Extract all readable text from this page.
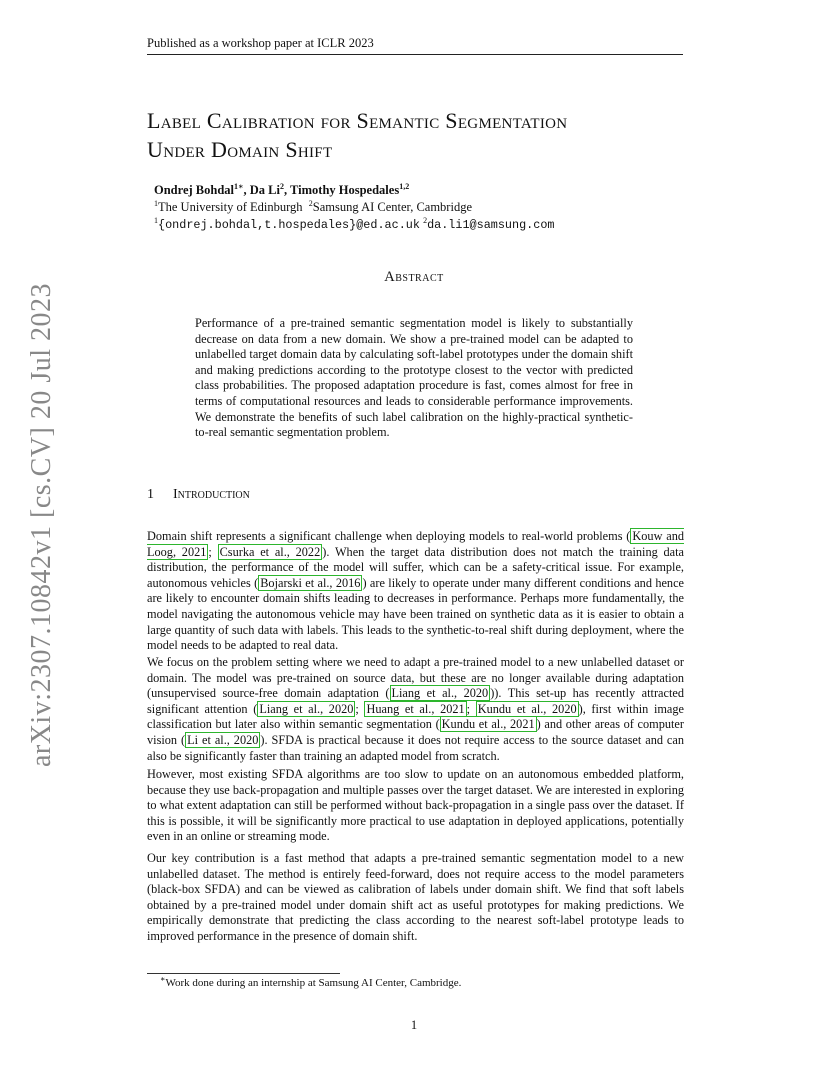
arXiv:2307.10842v1 [cs.CV] 20 Jul 2023
Published as a workshop paper at ICLR 2023
Label Calibration for Semantic Segmentation
Under Domain Shift
Ondrej Bohdal$^{1∗}$, Da Li$^2$, Timothy Hospedales$^{1,2}$
$^1$The University of Edinburgh $^2$Samsung AI Center, Cambridge
$^1${ondrej.bohdal,t.hospedales}@ed.ac.uk $^2$da.li1@samsung.com
Abstract
Performance of a pre-trained semantic segmentation model is likely to substantially decrease on data from a new domain. We show a pre-trained model can be adapted to unlabelled target domain data by calculating soft-label prototypes under the domain shift and making predictions according to the prototype closest to the vector with predicted class probabilities. The proposed adaptation procedure is fast, comes almost for free in terms of computational resources and leads to considerable performance improvements. We demonstrate the benefits of such label calibration on the highly-practical synthetic-to-real semantic segmentation problem.
1 Introduction
Domain shift represents a significant challenge when deploying models to real-world problems ( Kouw and Loog, 2021 ; Csurka et al., 2022 ). When the target data distribution does not match the training data distribution, the performance of the model will suffer, which can be a safety-critical issue. For example, autonomous vehicles ( Bojarski et al., 2016 ) are likely to operate under many different conditions and hence are likely to encounter domain shifts leading to decreases in performance. Perhaps more fundamentally, the model navigating the autonomous vehicle may have been trained on synthetic data as it is easier to obtain a large quantity of such data with labels. This leads to the synthetic-to-real shift during deployment, where the model needs to be adapted to real data.
We focus on the problem setting where we need to adapt a pre-trained model to a new unlabelled dataset or domain. The model was pre-trained on source data, but these are no longer available during adaptation (unsupervised source-free domain adaptation ( Liang et al., 2020 )). This set-up has recently attracted significant attention ( Liang et al., 2020 ; Huang et al., 2021 ; Kundu et al., 2020 ), first within image classification but later also within semantic segmentation ( Kundu et al., 2021 ) and other areas of computer vision ( Li et al., 2020 ). SFDA is practical because it does not require access to the source dataset and can also be significantly faster than training an adapted model from scratch.
However, most existing SFDA algorithms are too slow to update on an autonomous embedded platform, because they use back-propagation and multiple passes over the target dataset. We are interested in exploring to what extent adaptation can still be performed without back-propagation in a single pass over the dataset. If this is possible, it will be significantly more practical to use adaptation in deployed applications, potentially even in an online or streaming mode.
Our key contribution is a fast method that adapts a pre-trained semantic segmentation model to a new unlabelled dataset. The method is entirely feed-forward, does not require access to the model parameters (black-box SFDA) and can be viewed as calibration of labels under domain shift. We find that soft labels obtained by a pre-trained model under domain shift act as useful prototypes for making predictions. We empirically demonstrate that predicting the class according to the nearest soft-label prototype leads to improved performance in the presence of domain shift.
∗Work done during an internship at Samsung AI Center, Cambridge.
1
